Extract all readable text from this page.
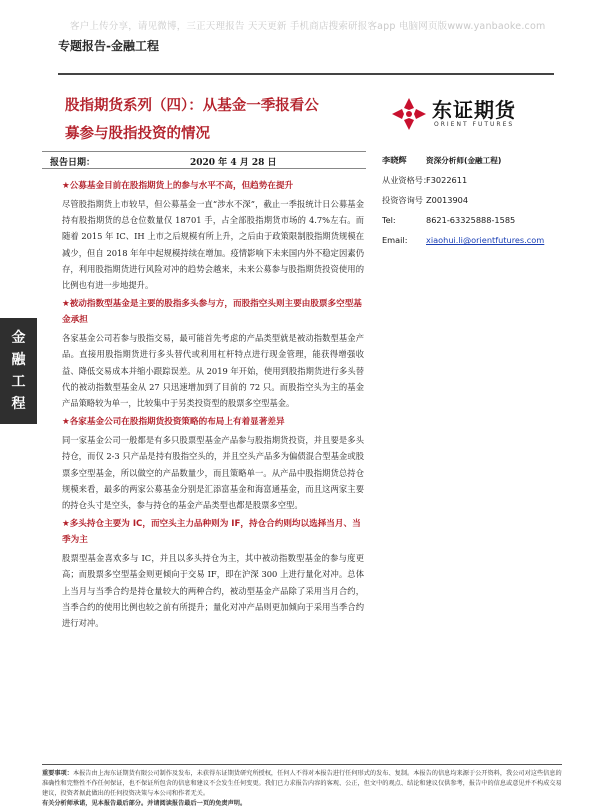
客户上传分享，请见微博，三正天理报告 天天更新 手机商店搜索研报客app 电脑网页版www.yanbaoke.com
专题报告-金融工程
股指期货系列（四）：从基金一季报看公
募参与股指投资的情况
东证期货
ORIENT FUTURES
报告日期：	2020 年 4 月 28 日
金
融
工
程
★公募基金目前在股指期货上的参与水平不高，但趋势在提升
尽管股指期货上市较早，但公募基金一直“涉水不深”，截止一季报统计日公募基金持有股指期货的总仓位数量仅 18701 手，占全部股指期货市场的 4.7%左右。而随着 2015 年 IC、IH 上市之后规模有所上升，之后由于政策限制股指期货规模在减少，但自 2018 年年中起规模持续在增加。疫情影响下未来国内外不稳定因素仍存，利用股指期货进行风险对冲的趋势会越来，未来公募参与股指期货投资使用的比例也有进一步地提升。
★被动指数型基金是主要的股指多头参与方，而股指空头则主要由股票多空型基金承担
各家基金公司若参与股指交易，最可能首先考虑的产品类型就是被动指数型基金产品。直接用股指期货进行多头替代或利用杠杆特点进行现金管理，能获得增强收益、降低交易成本并缩小跟踪误差。从 2019 年开始，使用到股指期货进行多头替代的被动指数型基金从 27 只迅速增加到了目前的 72 只。而股指空头为主的基金产品策略较为单一，比较集中于另类投资型的股票多空型基金。
★各家基金公司在股指期货投资策略的布局上有着显著差异
同一家基金公司一般都是有多只股票型基金产品参与股指期货投资，并且要是多头持仓，而仅 2-3 只产品是持有股指空头的，并且空头产品多为偏债混合型基金或股票多空型基金，所以做空的产品数量少，而且策略单一。从产品中股指期货总持仓规模来看，最多的两家公募基金分别是汇添富基金和海富通基金，而且这两家主要的持仓头寸是空头，参与持仓的基金产品类型也都是股票多空型。
★多头持仓主要为 IC，而空头主力品种则为 IF，持仓合约则均以选择当月、当季为主
股票型基金喜欢多与 IC，并且以多头持仓为主，其中被动指数型基金的参与度更高；而股票多空型基金则更倾向于交易 IF，即在沪深 300 上进行量化对冲。总体上当月与当季合约是持仓量较大的两种合约，被动型基金产品除了采用当月合约，当季合约的使用比例也较之前有所提升；量化对冲产品则更加倾向于采用当季合约进行对冲。
李晓辉	资深分析师(金融工程)
从业资格号：
F3022611
投资咨询号 Z0013904
Tel:	8621-63325888-1585
Email: xiaohui.li@orientfutures.com
重要事项：本报告由上海东证期货有限公司制作及发布，未获得东证期货研究所授权，任何人不得对本报告进行任何形式的发布、复制。本报告的信息均来源于公开资料，我公司对这些信息的准确性和完整性不作任何保证，也不保证所包含的信息和建议不会发生任何变更。我们已力求报告内容的客观、公正，但文中的观点、结论和建议仅供参考，报告中的信息或意见并不构成交易建议，投资者据此做出的任何投资决策与本公司和作者无关。
有关分析师承诺，见本报告最后部分。并请阅读报告最后一页的免责声明。
